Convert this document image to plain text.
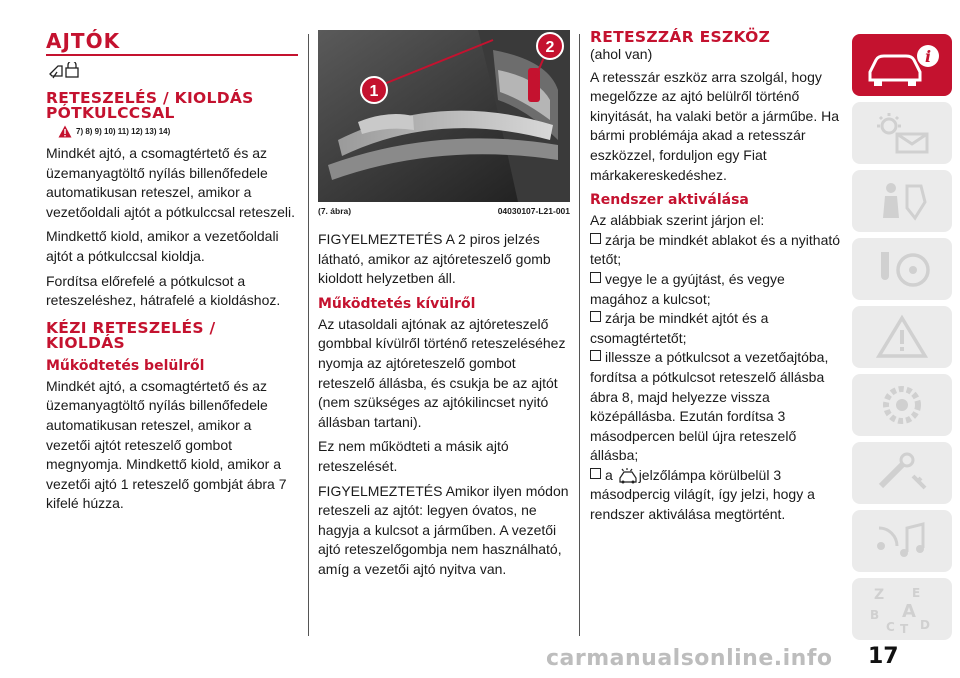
AJTÓK
RETESZELÉS / KIOLDÁS PÓTKULCCSAL
7) 8) 9) 10) 11) 12) 13) 14)

Mindkét ajtó, a csomagtértető és az üzemanyagtöltő nyílás billenőfedele automatikusan reteszel, amikor a vezetőoldali ajtót a pótkulccsal reteszeli.

Mindkettő kiold, amikor a vezetőoldali ajtót a pótkulccsal kioldja.

Fordítsa előrefelé a pótkulcsot a reteszeléshez, hátrafelé a kioldáshoz.

KÉZI RETESZELÉS / KIOLDÁS
Működtetés belülről

Mindkét ajtó, a csomagtértető és az üzemanyagtöltő nyílás billenőfedele automatikusan reteszel, amikor a vezetői ajtót reteszelő gombot megnyomja. Mindkettő kiold, amikor a vezetői ajtó 1 reteszelő gombját ábra 7 kifelé húzza.

1
2
(7. ábra)	04030107-L21-001

FIGYELMEZTETÉS A 2 piros jelzés látható, amikor az ajtóreteszelő gomb kioldott helyzetben áll.

Működtetés kívülről

Az utasoldali ajtónak az ajtóreteszelő gombbal kívülről történő reteszeléséhez nyomja az ajtóreteszelő gombot reteszelő állásba, és csukja be az ajtót (nem szükséges az ajtókilincset nyitó állásban tartani).

Ez nem működteti a másik ajtó reteszelését.

FIGYELMEZTETÉS Amikor ilyen módon reteszeli az ajtót: legyen óvatos, ne hagyja a kulcsot a járműben. A vezetői ajtó reteszelőgombja nem használható, amíg a vezetői ajtó nyitva van.

RETESZZÁR ESZKÖZ

(ahol van)

A retesszár eszköz arra szolgál, hogy megelőzze az ajtó belülről történő kinyitását, ha valaki betör a járműbe. Ha bármi problémája akad a retesszár eszközzel, forduljon egy Fiat márkakereskedéshez.

Rendszer aktiválása

Az alábbiak szerint járjon el:

zárja be mindkét ablakot és a nyitható tetőt;
vegye le a gyújtást, és vegye magához a kulcsot;
zárja be mindkét ajtót és a csomagtértetőt;
illessze a pótkulcsot a vezetőajtóba, fordítsa a pótkulcsot reteszelő állásba ábra 8, majd helyezze vissza középállásba. Ezután fordítsa 3 másodpercen belül újra reteszelő állásba;
a jelzőlámpa körülbelül 3 másodpercig világít, így jelzi, hogy a rendszer aktiválása megtörtént.
i
Z E
B A
C T D
carmanualsonline.info 17
